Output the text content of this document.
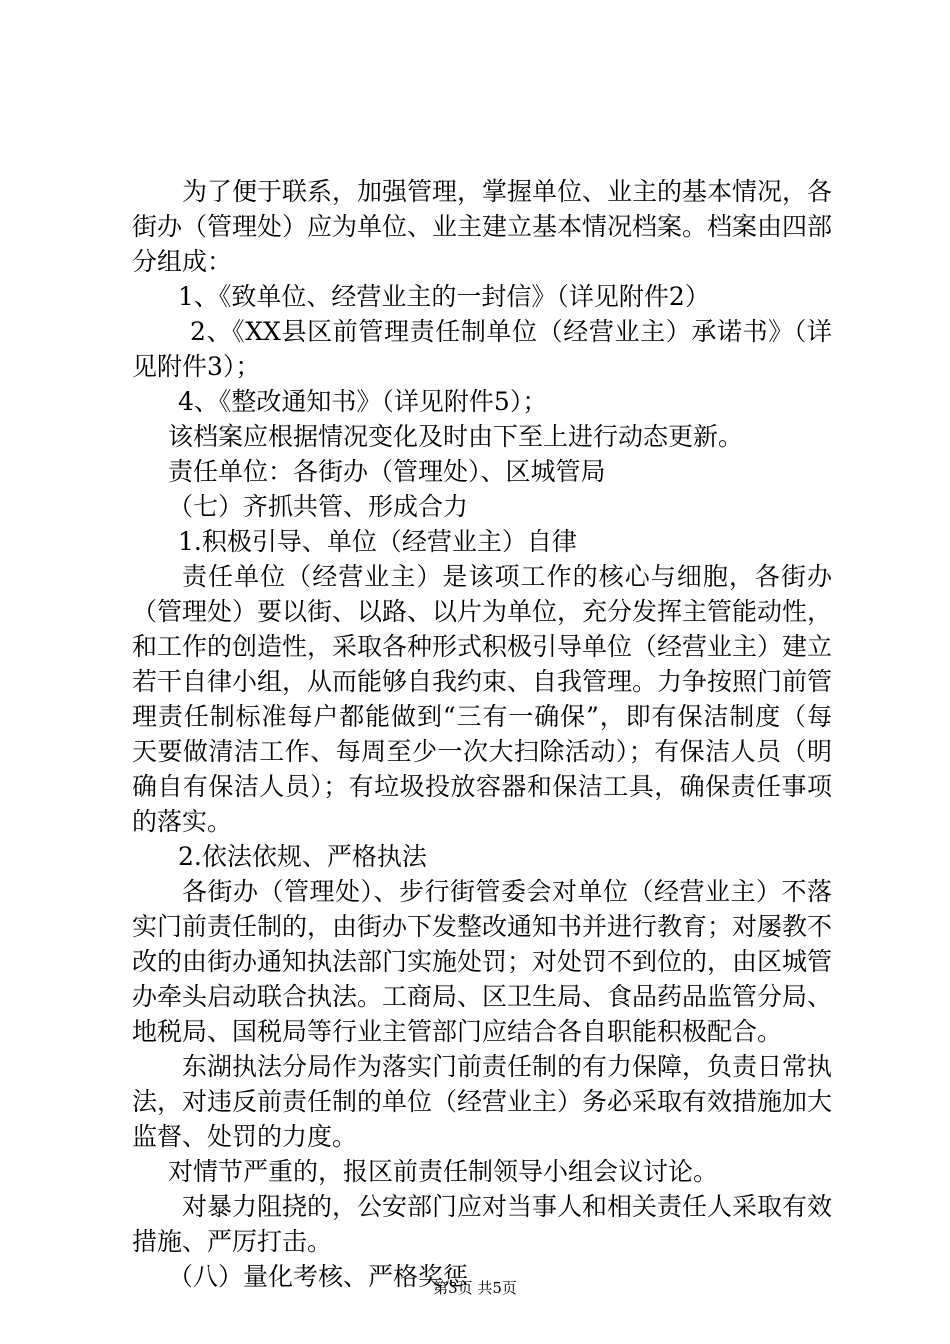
为了便于联系，加强管理，掌握单位、业主的基本情况，各街办（管理处）应为单位、业主建立基本情况档案。档案由四部分组成：

1、《致单位、经营业主的一封信》（详见附件2）

2、《XX县区前管理责任制单位（经营业主）承诺书》（详见附件3）；

4、《整改通知书》（详见附件5）；

该档案应根据情况变化及时由下至上进行动态更新。

责任单位：各街办（管理处）、区城管局

（七）齐抓共管、形成合力

1.积极引导、单位（经营业主）自律

责任单位（经营业主）是该项工作的核心与细胞，各街办（管理处）要以街、以路、以片为单位，充分发挥主管能动性，和工作的创造性，采取各种形式积极引导单位（经营业主）建立若干自律小组，从而能够自我约束、自我管理。力争按照门前管理责任制标准每户都能做到“三有一确保”，即有保洁制度（每天要做清洁工作、每周至少一次大扫除活动）；有保洁人员（明确自有保洁人员）；有垃圾投放容器和保洁工具，确保责任事项的落实。

2.依法依规、严格执法

各街办（管理处）、步行街管委会对单位（经营业主）不落实门前责任制的，由街办下发整改通知书并进行教育；对屡教不改的由街办通知执法部门实施处罚；对处罚不到位的，由区城管办牵头启动联合执法。工商局、区卫生局、食品药品监管分局、地税局、国税局等行业主管部门应结合各自职能积极配合。

东湖执法分局作为落实门前责任制的有力保障，负责日常执法，对违反前责任制的单位（经营业主）务必采取有效措施加大监督、处罚的力度。

对情节严重的，报区前责任制领导小组会议讨论。

对暴力阻挠的，公安部门应对当事人和相关责任人采取有效措施、严厉打击。

（八）量化考核、严格奖惩

第3页 共5页
